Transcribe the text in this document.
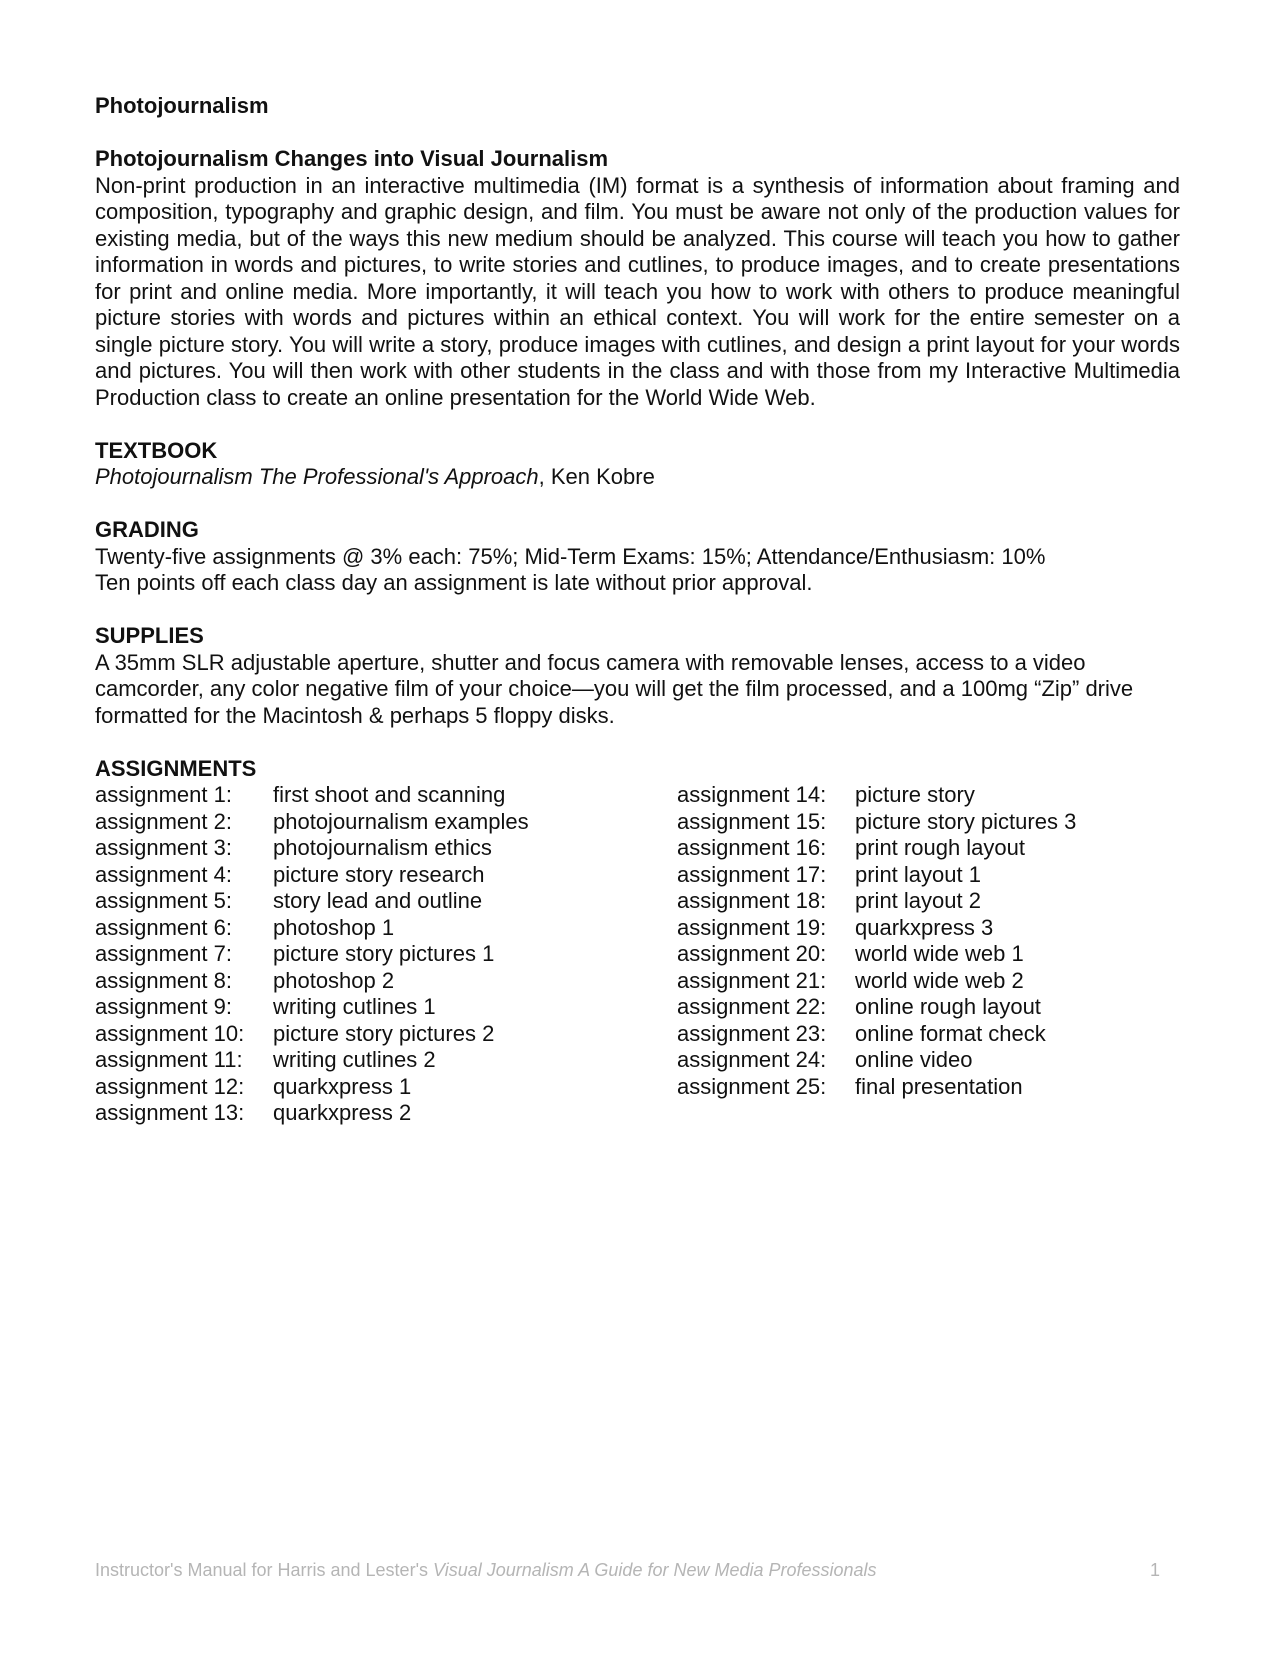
Photojournalism
Photojournalism Changes into Visual Journalism

Non-print production in an interactive multimedia (IM) format is a synthesis of information about framing and composition, typography and graphic design, and film. You must be aware not only of the production values for existing media, but of the ways this new medium should be analyzed. This course will teach you how to gather information in words and pictures, to write stories and cutlines, to produce images, and to create presentations for print and online media. More importantly, it will teach you how to work with others to produce meaningful picture stories with words and pictures within an ethical context. You will work for the entire semester on a single picture story. You will write a story, produce images with cutlines, and design a print layout for your words and pictures. You will then work with other students in the class and with those from my Interactive Multimedia Production class to create an online presentation for the World Wide Web.

TEXTBOOK

Photojournalism The Professional's Approach, Ken Kobre

GRADING

Twenty-five assignments @ 3% each: 75%; Mid-Term Exams: 15%; Attendance/Enthusiasm: 10%

Ten points off each class day an assignment is late without prior approval.

SUPPLIES

A 35mm SLR adjustable aperture, shutter and focus camera with removable lenses, access to a video camcorder, any color negative film of your choice—you will get the film processed, and a 100mg “Zip” drive formatted for the Macintosh & perhaps 5 floppy disks.

ASSIGNMENTS
assignment 1:	first shoot and scanning
assignment 2:	photojournalism examples
assignment 3:	photojournalism ethics
assignment 4:	picture story research
assignment 5:	story lead and outline
assignment 6:	photoshop 1
assignment 7:	picture story pictures 1
assignment 8:	photoshop 2
assignment 9:	writing cutlines 1
assignment 10:	picture story pictures 2
assignment 11:	writing cutlines 2
assignment 12:	quarkxpress 1
assignment 13:	quarkxpress 2
assignment 14:	picture story
assignment 15:	picture story pictures 3
assignment 16:	print rough layout
assignment 17:	print layout 1
assignment 18:	print layout 2
assignment 19:	quarkxpress 3
assignment 20:	world wide web 1
assignment 21:	world wide web 2
assignment 22:	online rough layout
assignment 23:	online format check
assignment 24:	online video
assignment 25:	final presentation
Instructor's Manual for Harris and Lester's Visual Journalism A Guide for New Media Professionals	1
